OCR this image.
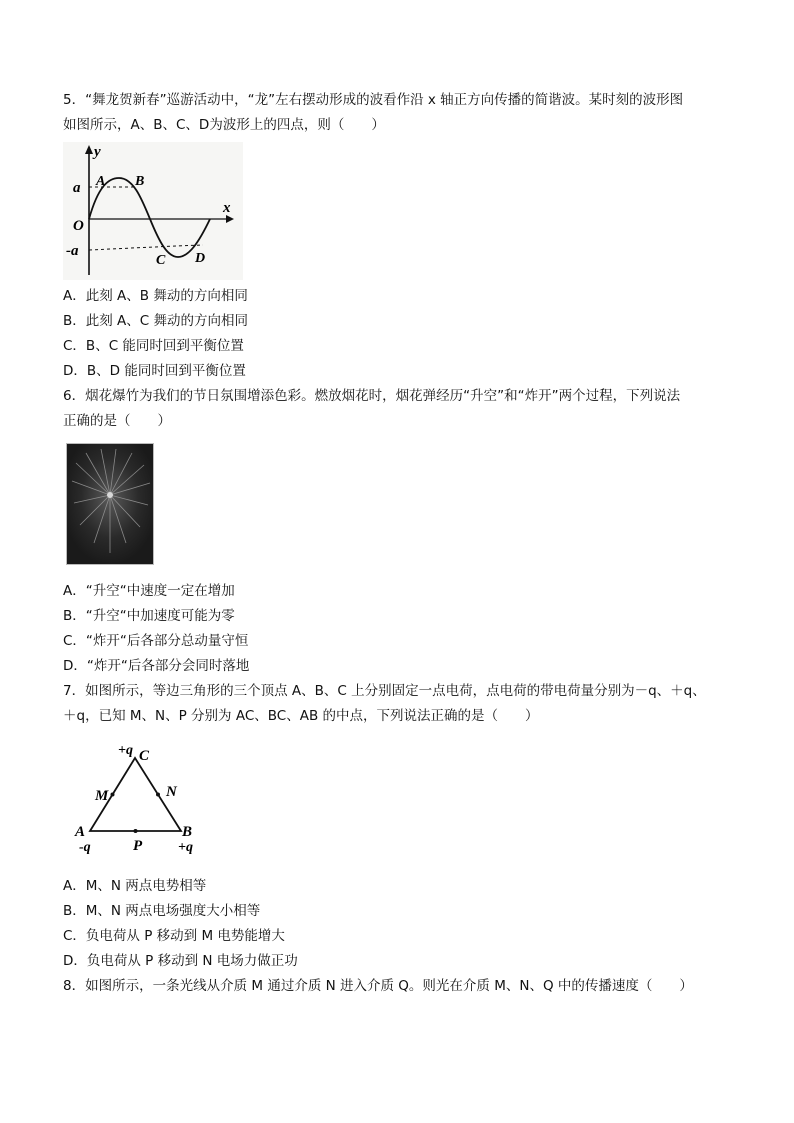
5．“舞龙贺新春”巡游活动中，“龙”左右摆动形成的波看作沿 x 轴正方向传播的简谐波。某时刻的波形图
如图所示，A、B、C、D为波形上的四点，则（　　）
y
x
O
a
-a
A B
C D
A．此刻 A、B 舞动的方向相同
B．此刻 A、C 舞动的方向相同
C．B、C 能同时回到平衡位置
D．B、D 能同时回到平衡位置
6．烟花爆竹为我们的节日氛围增添色彩。燃放烟花时，烟花弹经历“升空”和“炸开”两个过程，下列说法
正确的是（　　）
A．“升空“中速度一定在增加
B．“升空“中加速度可能为零
C．“炸开“后各部分总动量守恒
D．“炸开“后各部分会同时落地
7．如图所示，等边三角形的三个顶点 A、B、C 上分别固定一点电荷，点电荷的带电荷量分别为－q、＋q、
＋q，已知 M、N、P 分别为 AC、BC、AB 的中点，下列说法正确的是（　　）
+q C
M	N
A
-q	P
B
+q
A．M、N 两点电势相等
B．M、N 两点电场强度大小相等
C．负电荷从 P 移动到 M 电势能增大
D．负电荷从 P 移动到 N 电场力做正功
8．如图所示，一条光线从介质 M 通过介质 N 进入介质 Q。则光在介质 M、N、Q 中的传播速度（　　）
